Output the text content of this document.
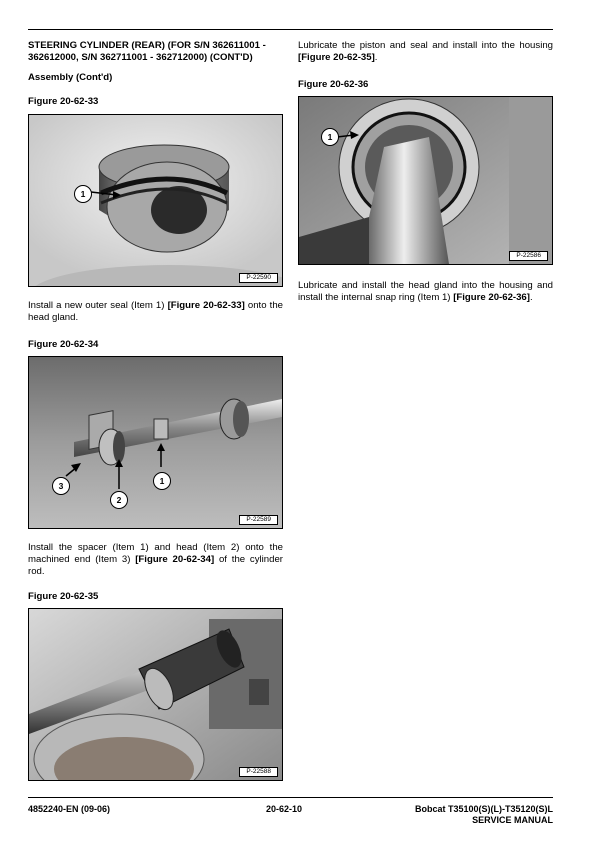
STEERING CYLINDER (REAR) (FOR S/N 362611001 - 362612000, S/N 362711001 - 362712000) (CONT'D)
Assembly (Cont'd)
Figure 20-62-33
1
P-22590
Install a new outer seal (Item 1) [Figure 20-62-33] onto the head gland.
Figure 20-62-34
3
2
1
P-22589
Install the spacer (Item 1) and head (Item 2) onto the machined end (Item 3) [Figure 20-62-34] of the cylinder rod.
Figure 20-62-35
P-22588
Lubricate the piston and seal and install into the housing [Figure 20-62-35].
Figure 20-62-36
1
P-22586
Lubricate and install the head gland into the housing and install the internal snap ring (Item 1) [Figure 20-62-36].
4852240-EN (09-06)	20-62-10	Bobcat T35100(S)(L)-T35120(S)L
SERVICE MANUAL
